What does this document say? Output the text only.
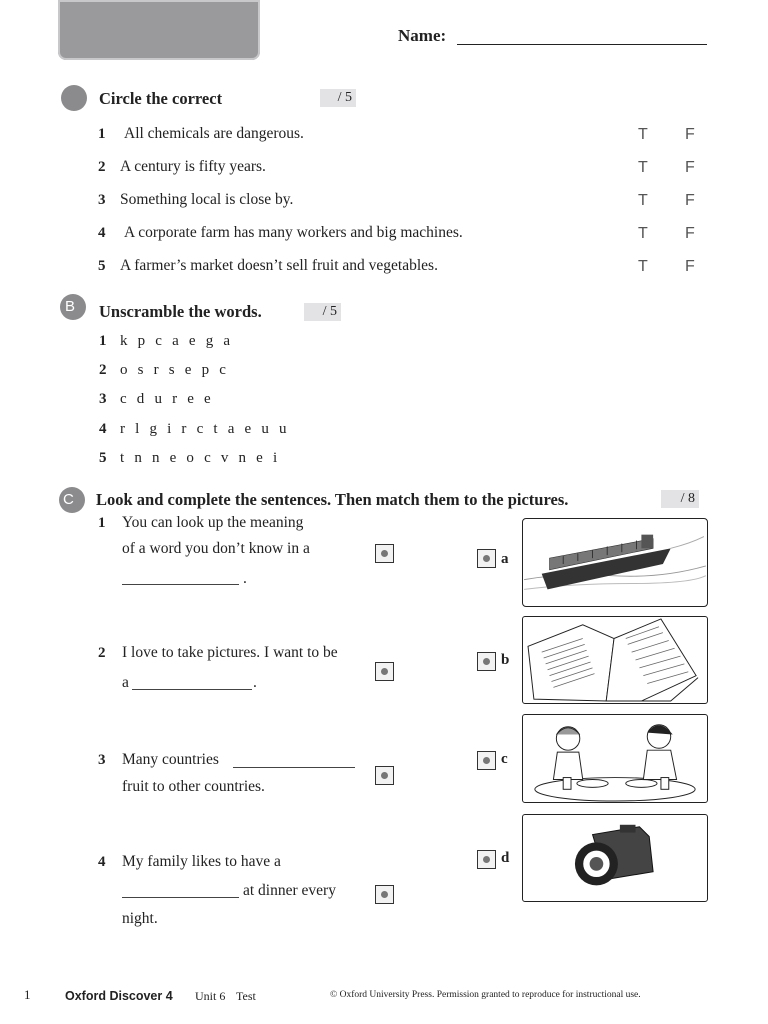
Name:
Circle the correct	/ 5
1 All chemicals are dangerous.	T F
2 A century is fifty years.	T F
3 Something local is close by.	T F
4 A corporate farm has many workers and big machines.	T F
5 A farmer’s market doesn’t sell fruit and vegetables.	T F
B	Unscramble the words.	/ 5
1 k p c a e g a
2 o s r s e p c
3 c d u r e e
4 r l g i r c t a e u u
5 t n n e o c v n e i
C	Look and complete the sentences. Then match them to the pictures.	/ 8
1 You can look up the meaning
of a word you don’t know in a
.
2 I love to take pictures. I want to be
a	.
3 Many countries
fruit to other countries.
4 My family likes to have a
at dinner every
night.
a
b
c
d
1	Oxford Discover 4 Unit 6 Test	© Oxford University Press. Permission granted to reproduce for instructional use.
